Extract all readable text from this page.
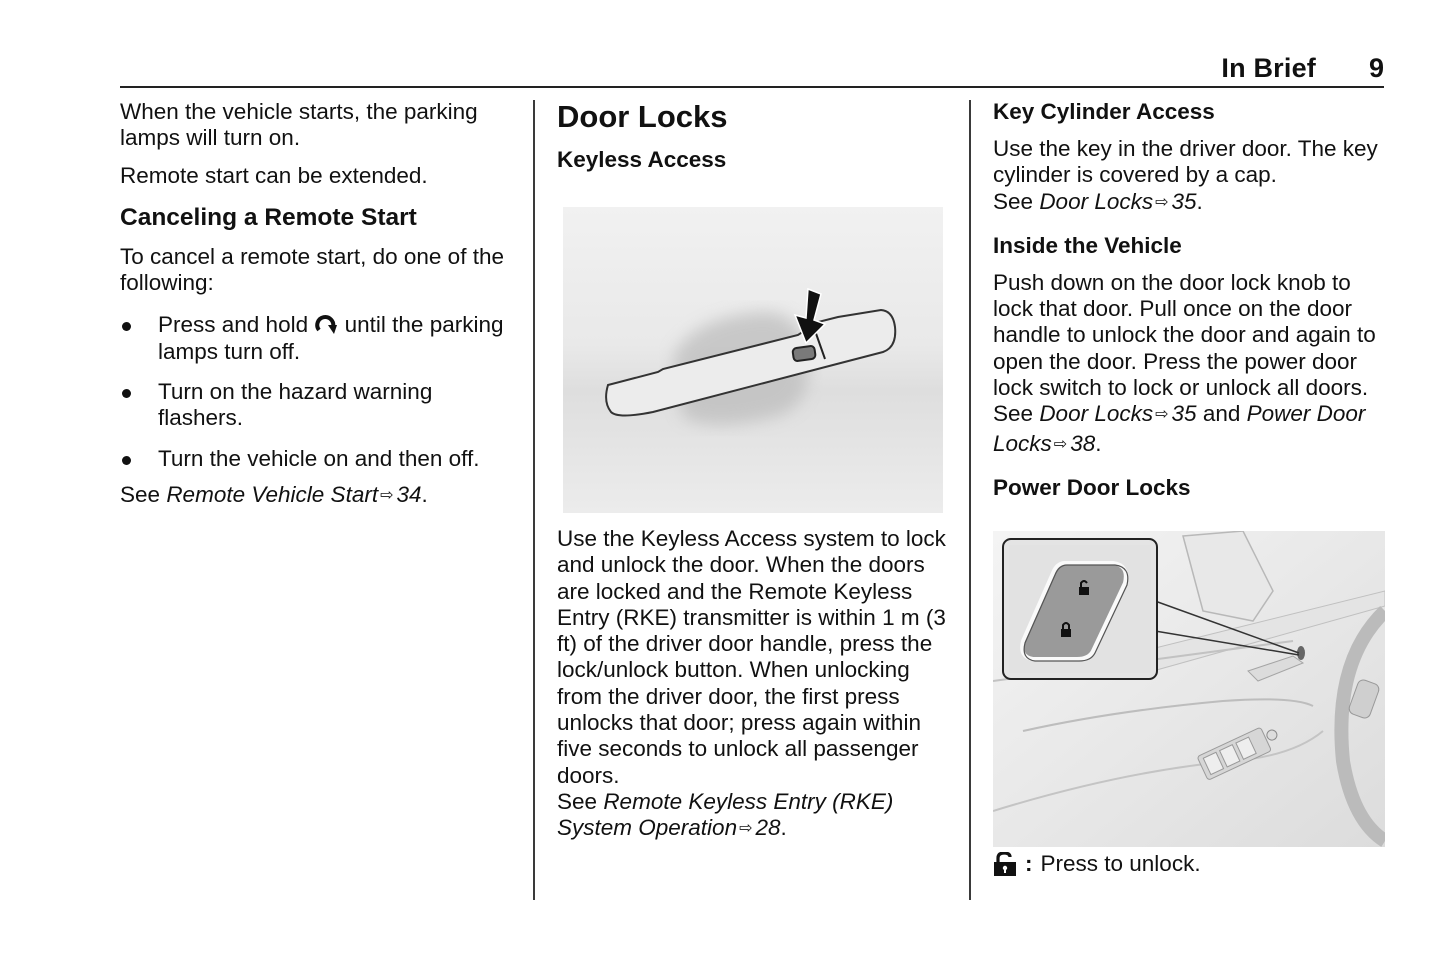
In Brief 9

When the vehicle starts, the parking lamps will turn on.

Remote start can be extended.

Canceling a Remote Start

To cancel a remote start, do one of the following:

Press and hold until the parking lamps turn off.
Turn on the hazard warning flashers.
Turn the vehicle on and then off.

See Remote Vehicle Start ⇨ 34.

Door Locks

Keyless Access

Use the Keyless Access system to lock and unlock the door. When the doors are locked and the Remote Keyless Entry (RKE) transmitter is within 1 m (3 ft) of the driver door handle, press the lock/unlock button. When unlocking from the driver door, the first press unlocks that door; press again within five seconds to unlock all passenger doors.

See Remote Keyless Entry (RKE) System Operation ⇨ 28.

Key Cylinder Access

Use the key in the driver door. The key cylinder is covered by a cap.

See Door Locks ⇨ 35.

Inside the Vehicle

Push down on the door lock knob to lock that door. Pull once on the door handle to unlock the door and again to open the door. Press the power door lock switch to lock or unlock all doors.

See Door Locks ⇨ 35 and Power Door Locks ⇨ 38.

Power Door Locks

: Press to unlock.
